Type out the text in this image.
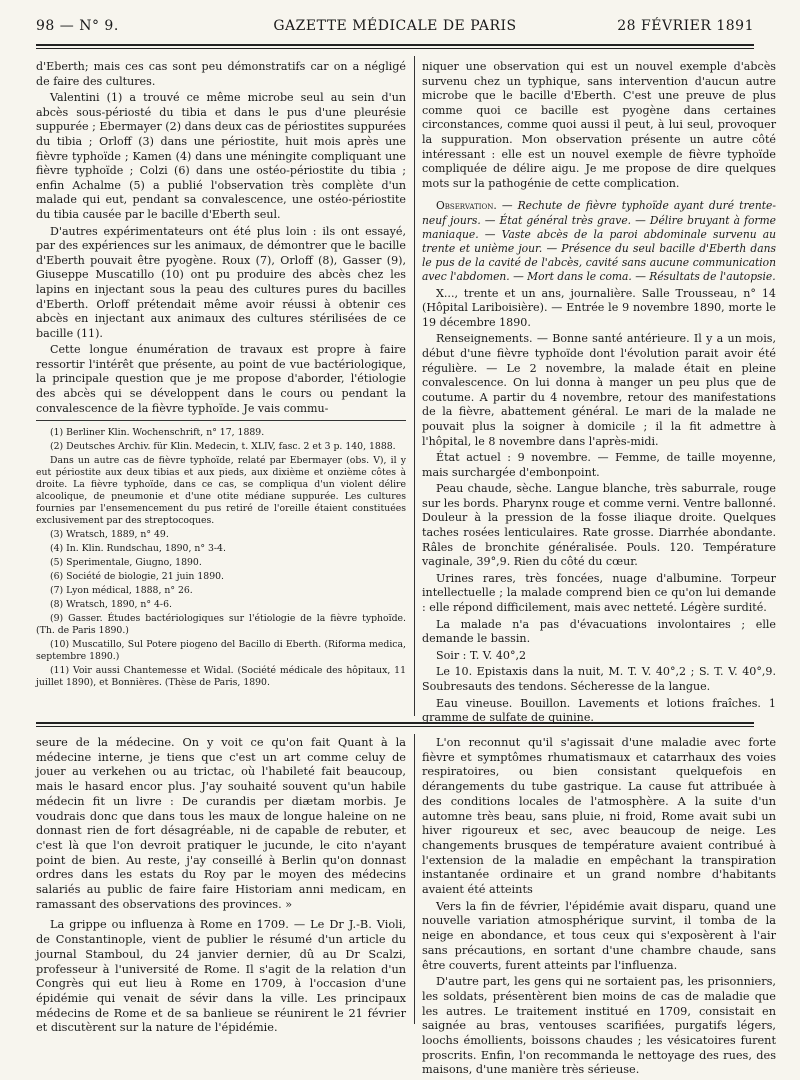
98 — N° 9.	GAZETTE MÉDICALE DE PARIS	28 FÉVRIER 1891

d'Eberth; mais ces cas sont peu démonstratifs car on a négligé de faire des cultures.

Valentini (1) a trouvé ce même microbe seul au sein d'un abcès sous-périosté du tibia et dans le pus d'une pleurésie suppurée ; Ebermayer (2) dans deux cas de périostites suppurées du tibia ; Orloff (3) dans une périostite, huit mois après une fièvre typhoïde ; Kamen (4) dans une méningite compliquant une fièvre typhoïde ; Colzi (6) dans une ostéo-périostite du tibia ; enfin Achalme (5) a publié l'observation très complète d'un malade qui eut, pendant sa convalescence, une ostéo-périostite du tibia causée par le bacille d'Eberth seul.

D'autres expérimentateurs ont été plus loin : ils ont essayé, par des expériences sur les animaux, de démontrer que le bacille d'Eberth pouvait être pyogène. Roux (7), Orloff (8), Gasser (9), Giuseppe Muscatillo (10) ont pu produire des abcès chez les lapins en injectant sous la peau des cultures pures du bacilles d'Eberth. Orloff prétendait même avoir réussi à obtenir ces abcès en injectant aux animaux des cultures stérilisées de ce bacille (11).

Cette longue énumération de travaux est propre à faire ressortir l'intérêt que présente, au point de vue bactériologique, la principale question que je me propose d'aborder, l'étiologie des abcès qui se développent dans le cours ou pendant la convalescence de la fièvre typhoïde. Je vais commu-

(1) Berliner Klin. Wochenschrift, n° 17, 1889.

(2) Deutsches Archiv. für Klin. Medecin, t. XLIV, fasc. 2 et 3 p. 140, 1888.

Dans un autre cas de fièvre typhoïde, relaté par Ebermayer (obs. V), il y eut périostite aux deux tibias et aux pieds, aux dixième et onzième côtes à droite. La fièvre typhoïde, dans ce cas, se compliqua d'un violent délire alcoolique, de pneumonie et d'une otite médiane suppurée. Les cultures fournies par l'ensemencement du pus retiré de l'oreille étaient constituées exclusivement par des streptocoques.

(3) Wratsch, 1889, n° 49.

(4) In. Klin. Rundschau, 1890, n° 3-4.

(5) Sperimentale, Giugno, 1890.

(6) Société de biologie, 21 juin 1890.

(7) Lyon médical, 1888, n° 26.

(8) Wratsch, 1890, n° 4-6.

(9) Gasser. Études bactériologiques sur l'étiologie de la fièvre typhoïde. (Th. de Paris 1890.)

(10) Muscatillo, Sul Potere piogeno del Bacillo di Eberth. (Riforma medica, septembre 1890.)

(11) Voir aussi Chantemesse et Widal. (Société médicale des hôpitaux, 11 juillet 1890), et Bonnières. (Thèse de Paris, 1890.

niquer une observation qui est un nouvel exemple d'abcès survenu chez un typhique, sans intervention d'aucun autre microbe que le bacille d'Eberth. C'est une preuve de plus comme quoi ce bacille est pyogène dans certaines circonstances, comme quoi aussi il peut, à lui seul, provoquer la suppuration. Mon observation présente un autre côté intéressant : elle est un nouvel exemple de fièvre typhoïde compliquée de délire aigu. Je me propose de dire quelques mots sur la pathogénie de cette complication.

Observation. — Rechute de fièvre typhoïde ayant duré trente-neuf jours. — État général très grave. — Délire bruyant à forme maniaque. — Vaste abcès de la paroi abdominale survenu au trente et unième jour. — Présence du seul bacille d'Eberth dans le pus de la cavité de l'abcès, cavité sans aucune communication avec l'abdomen. — Mort dans le coma. — Résultats de l'autopsie.

X..., trente et un ans, journalière. Salle Trousseau, n° 14 (Hôpital Lariboisière). — Entrée le 9 novembre 1890, morte le 19 décembre 1890.

Renseignements. — Bonne santé antérieure. Il y a un mois, début d'une fièvre typhoïde dont l'évolution parait avoir été régulière. — Le 2 novembre, la malade était en pleine convalescence. On lui donna à manger un peu plus que de coutume. A partir du 4 novembre, retour des manifestations de la fièvre, abattement général. Le mari de la malade ne pouvait plus la soigner à domicile ; il la fit admettre à l'hôpital, le 8 novembre dans l'après-midi.

État actuel : 9 novembre. — Femme, de taille moyenne, mais surchargée d'embonpoint.

Peau chaude, sèche. Langue blanche, très saburrale, rouge sur les bords. Pharynx rouge et comme verni. Ventre ballonné. Douleur à la pression de la fosse iliaque droite. Quelques taches rosées lenticulaires. Rate grosse. Diarrhée abondante. Râles de bronchite généralisée. Pouls. 120. Température vaginale, 39°,9. Rien du côté du cœur.

Urines rares, très foncées, nuage d'albumine. Torpeur intellectuelle ; la malade comprend bien ce qu'on lui demande : elle répond difficilement, mais avec netteté. Légère surdité.

La malade n'a pas d'évacuations involontaires ; elle demande le bassin.

Soir : T. V. 40°,2

Le 10. Epistaxis dans la nuit, M. T. V. 40°,2 ; S. T. V. 40°,9. Soubresauts des tendons. Sécheresse de la langue.

Eau vineuse. Bouillon. Lavements et lotions fraîches. 1 gramme de sulfate de quinine.

seure de la médecine. On y voit ce qu'on fait Quant à la médecine interne, je tiens que c'est un art comme celuy de jouer au verkehen ou au trictac, où l'habileté fait beaucoup, mais le hasard encor plus. J'ay souhaité souvent qu'un habile médecin fit un livre : De curandis per diætam morbis. Je voudrais donc que dans tous les maux de longue haleine on ne donnast rien de fort désagréable, ni de capable de rebuter, et c'est là que l'on devroit pratiquer le jucunde, le cito n'ayant point de bien. Au reste, j'ay conseillé à Berlin qu'on donnast ordres dans les estats du Roy par le moyen des médecins salariés au public de faire faire Historiam anni medicam, en ramassant des observations des provinces. »

La grippe ou influenza à Rome en 1709. — Le Dr J.-B. Violi, de Constantinople, vient de publier le résumé d'un article du journal Stamboul, du 24 janvier dernier, dû au Dr Scalzi, professeur à l'université de Rome. Il s'agit de la relation d'un Congrès qui eut lieu à Rome en 1709, à l'occasion d'une épidémie qui venait de sévir dans la ville. Les principaux médecins de Rome et de sa banlieue se réunirent le 21 février et discutèrent sur la nature de l'épidémie.

L'on reconnut qu'il s'agissait d'une maladie avec forte fièvre et symptômes rhumatismaux et catarrhaux des voies respiratoires, ou bien consistant quelquefois en dérangements du tube gastrique. La cause fut attribuée à des conditions locales de l'atmosphère. A la suite d'un automne très beau, sans pluie, ni froid, Rome avait subi un hiver rigoureux et sec, avec beaucoup de neige. Les changements brusques de température avaient contribué à l'extension de la maladie en empêchant la transpiration instantanée ordinaire et un grand nombre d'habitants avaient été atteints

Vers la fin de février, l'épidémie avait disparu, quand une nouvelle variation atmosphérique survint, il tomba de la neige en abondance, et tous ceux qui s'exposèrent à l'air sans précautions, en sortant d'une chambre chaude, sans être couverts, furent atteints par l'influenza.

D'autre part, les gens qui ne sortaient pas, les prisonniers, les soldats, présentèrent bien moins de cas de maladie que les autres. Le traitement institué en 1709, consistait en saignée au bras, ventouses scarifiées, purgatifs légers, loochs émollients, boissons chaudes ; les vésicatoires furent proscrits. Enfin, l'on recommanda le nettoyage des rues, des maisons, d'une manière très sérieuse.
